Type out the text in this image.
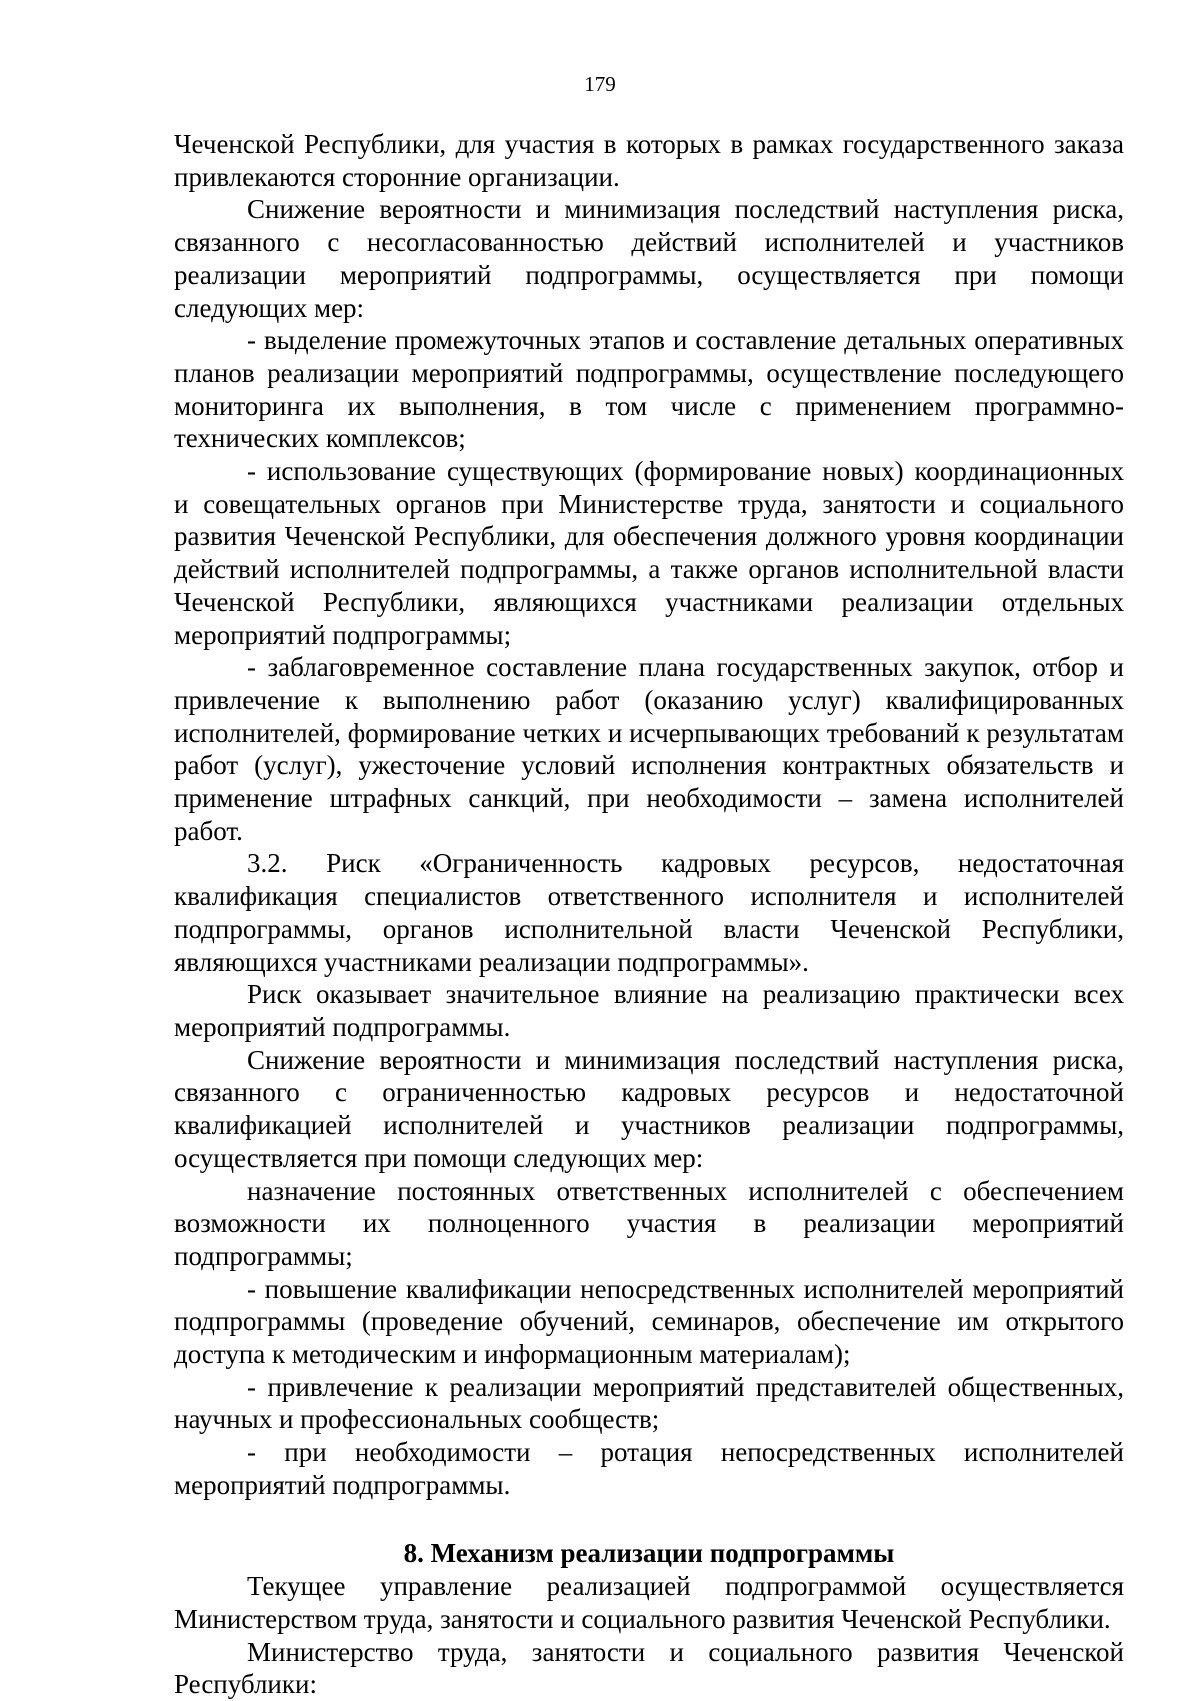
179

Чеченской Республики, для участия в которых в рамках государственного заказа привлекаются сторонние организации.

Снижение вероятности и минимизация последствий наступления риска, связанного с несогласованностью действий исполнителей и участников реализации мероприятий подпрограммы, осуществляется при помощи следующих мер:

- выделение промежуточных этапов и составление детальных оперативных планов реализации мероприятий подпрограммы, осуществление последующего мониторинга их выполнения, в том числе с применением программно-технических комплексов;

- использование существующих (формирование новых) координационных и совещательных органов при Министерстве труда, занятости и социального развития Чеченской Республики, для обеспечения должного уровня координации действий исполнителей подпрограммы, а также органов исполнительной власти Чеченской Республики, являющихся участниками реализации отдельных мероприятий подпрограммы;

- заблаговременное составление плана государственных закупок, отбор и привлечение к выполнению работ (оказанию услуг) квалифицированных исполнителей, формирование четких и исчерпывающих требований к результатам работ (услуг), ужесточение условий исполнения контрактных обязательств и применение штрафных санкций, при необходимости – замена исполнителей работ.

3.2. Риск «Ограниченность кадровых ресурсов, недостаточная квалификация специалистов ответственного исполнителя и исполнителей подпрограммы, органов исполнительной власти Чеченской Республики, являющихся участниками реализации подпрограммы».

Риск оказывает значительное влияние на реализацию практически всех мероприятий подпрограммы.

Снижение вероятности и минимизация последствий наступления риска, связанного с ограниченностью кадровых ресурсов и недостаточной квалификацией исполнителей и участников реализации подпрограммы, осуществляется при помощи следующих мер:

назначение постоянных ответственных исполнителей с обеспечением возможности их полноценного участия в реализации мероприятий подпрограммы;

- повышение квалификации непосредственных исполнителей мероприятий подпрограммы (проведение обучений, семинаров, обеспечение им открытого доступа к методическим и информационным материалам);

- привлечение к реализации мероприятий представителей общественных, научных и профессиональных сообществ;

- при необходимости – ротация непосредственных исполнителей мероприятий подпрограммы.

8. Механизм реализации подпрограммы

Текущее управление реализацией подпрограммой осуществляется Министерством труда, занятости и социального развития Чеченской Республики.

Министерство труда, занятости и социального развития Чеченской Республики:
